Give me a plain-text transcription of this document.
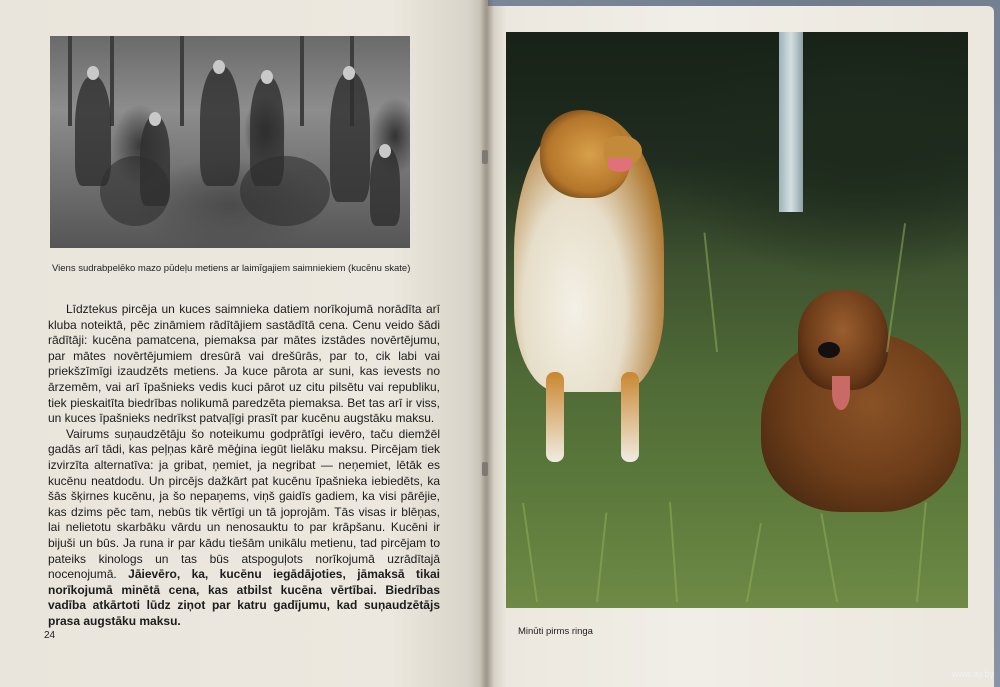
Viens sudrabpelēko mazo pūdeļu metiens ar laimīgajiem saimniekiem (kucēnu skate)

Līdztekus pircēja un kuces saimnieka datiem norīkojumā norādīta arī kluba noteiktā, pēc zināmiem rādītājiem sastādītā cena. Cenu veido šādi rādītāji: kucēna pamatcena, piemaksa par mātes izstādes novērtējumu, par mātes novērtējumiem dresūrā vai drešūrās, par to, cik labi vai priekšzīmīgi izaudzēts metiens. Ja kuce pārota ar suni, kas ievests no ārzemēm, vai arī īpašnieks vedis kuci pārot uz citu pilsētu vai republiku, tiek pieskaitīta biedrības nolikumā paredzēta piemaksa. Bet tas arī ir viss, un kuces īpašnieks nedrīkst patvaļīgi prasīt par kucēnu augstāku maksu.

Vairums suņaudzētāju šo noteikumu godprātīgi ievēro, taču diemžēl gadās arī tādi, kas peļņas kārē mēģina iegūt lielāku maksu. Pircējam tiek izvirzīta alternatīva: ja gribat, ņemiet, ja negribat — neņemiet, lētāk es kucēnu neatdodu. Un pircējs dažkārt pat kucēnu īpašnieka iebiedēts, ka šās šķirnes kucēnu, ja šo nepaņems, viņš gaidīs gadiem, ka visi pārējie, kas dzims pēc tam, nebūs tik vērtīgi un tā joprojām. Tās visas ir blēņas, lai nelietotu skarbāku vārdu un nenosauktu to par krāpšanu. Kucēni ir bijuši un būs. Ja runa ir par kādu tiešām unikālu metienu, tad pircējam to pateiks kinologs un tas būs atspoguļots norīkojumā uzrādītajā nocenojumā. Jāievēro, ka, kucēnu iegādājoties, jāmaksā tikai norīkojumā minētā cena, kas atbilst kucēna vērtībai. Biedrības vadība atkārtoti lūdz ziņot par katru gadījumu, kad suņaudzētājs prasa augstāku maksu.

24	Minūti pirms ringa
www.ay.by
